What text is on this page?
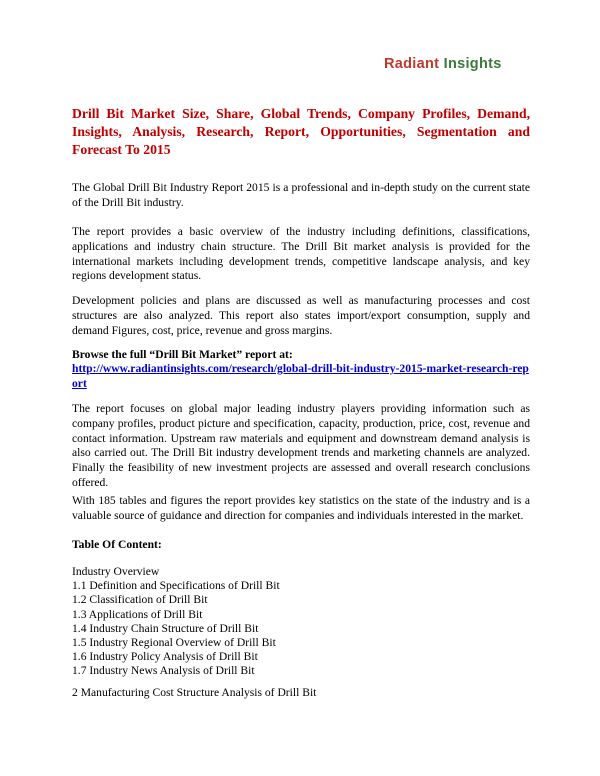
Radiant Insights
Drill Bit Market Size, Share, Global Trends, Company Profiles, Demand, Insights, Analysis, Research, Report, Opportunities, Segmentation and Forecast To 2015

The Global Drill Bit Industry Report 2015 is a professional and in-depth study on the current state of the Drill Bit industry.

The report provides a basic overview of the industry including definitions, classifications, applications and industry chain structure. The Drill Bit market analysis is provided for the international markets including development trends, competitive landscape analysis, and key regions development status.

Development policies and plans are discussed as well as manufacturing processes and cost structures are also analyzed. This report also states import/export consumption, supply and demand Figures, cost, price, revenue and gross margins.

Browse the full “Drill Bit Market” report at:

http://www.radiantinsights.com/research/global-drill-bit-industry-2015-market-research-report

The report focuses on global major leading industry players providing information such as company profiles, product picture and specification, capacity, production, price, cost, revenue and contact information. Upstream raw materials and equipment and downstream demand analysis is also carried out. The Drill Bit industry development trends and marketing channels are analyzed. Finally the feasibility of new investment projects are assessed and overall research conclusions offered.

With 185 tables and figures the report provides key statistics on the state of the industry and is a valuable source of guidance and direction for companies and individuals interested in the market.

Table Of Content:

Industry Overview
1.1 Definition and Specifications of Drill Bit
1.2 Classification of Drill Bit
1.3 Applications of Drill Bit
1.4 Industry Chain Structure of Drill Bit
1.5 Industry Regional Overview of Drill Bit
1.6 Industry Policy Analysis of Drill Bit
1.7 Industry News Analysis of Drill Bit

2 Manufacturing Cost Structure Analysis of Drill Bit
